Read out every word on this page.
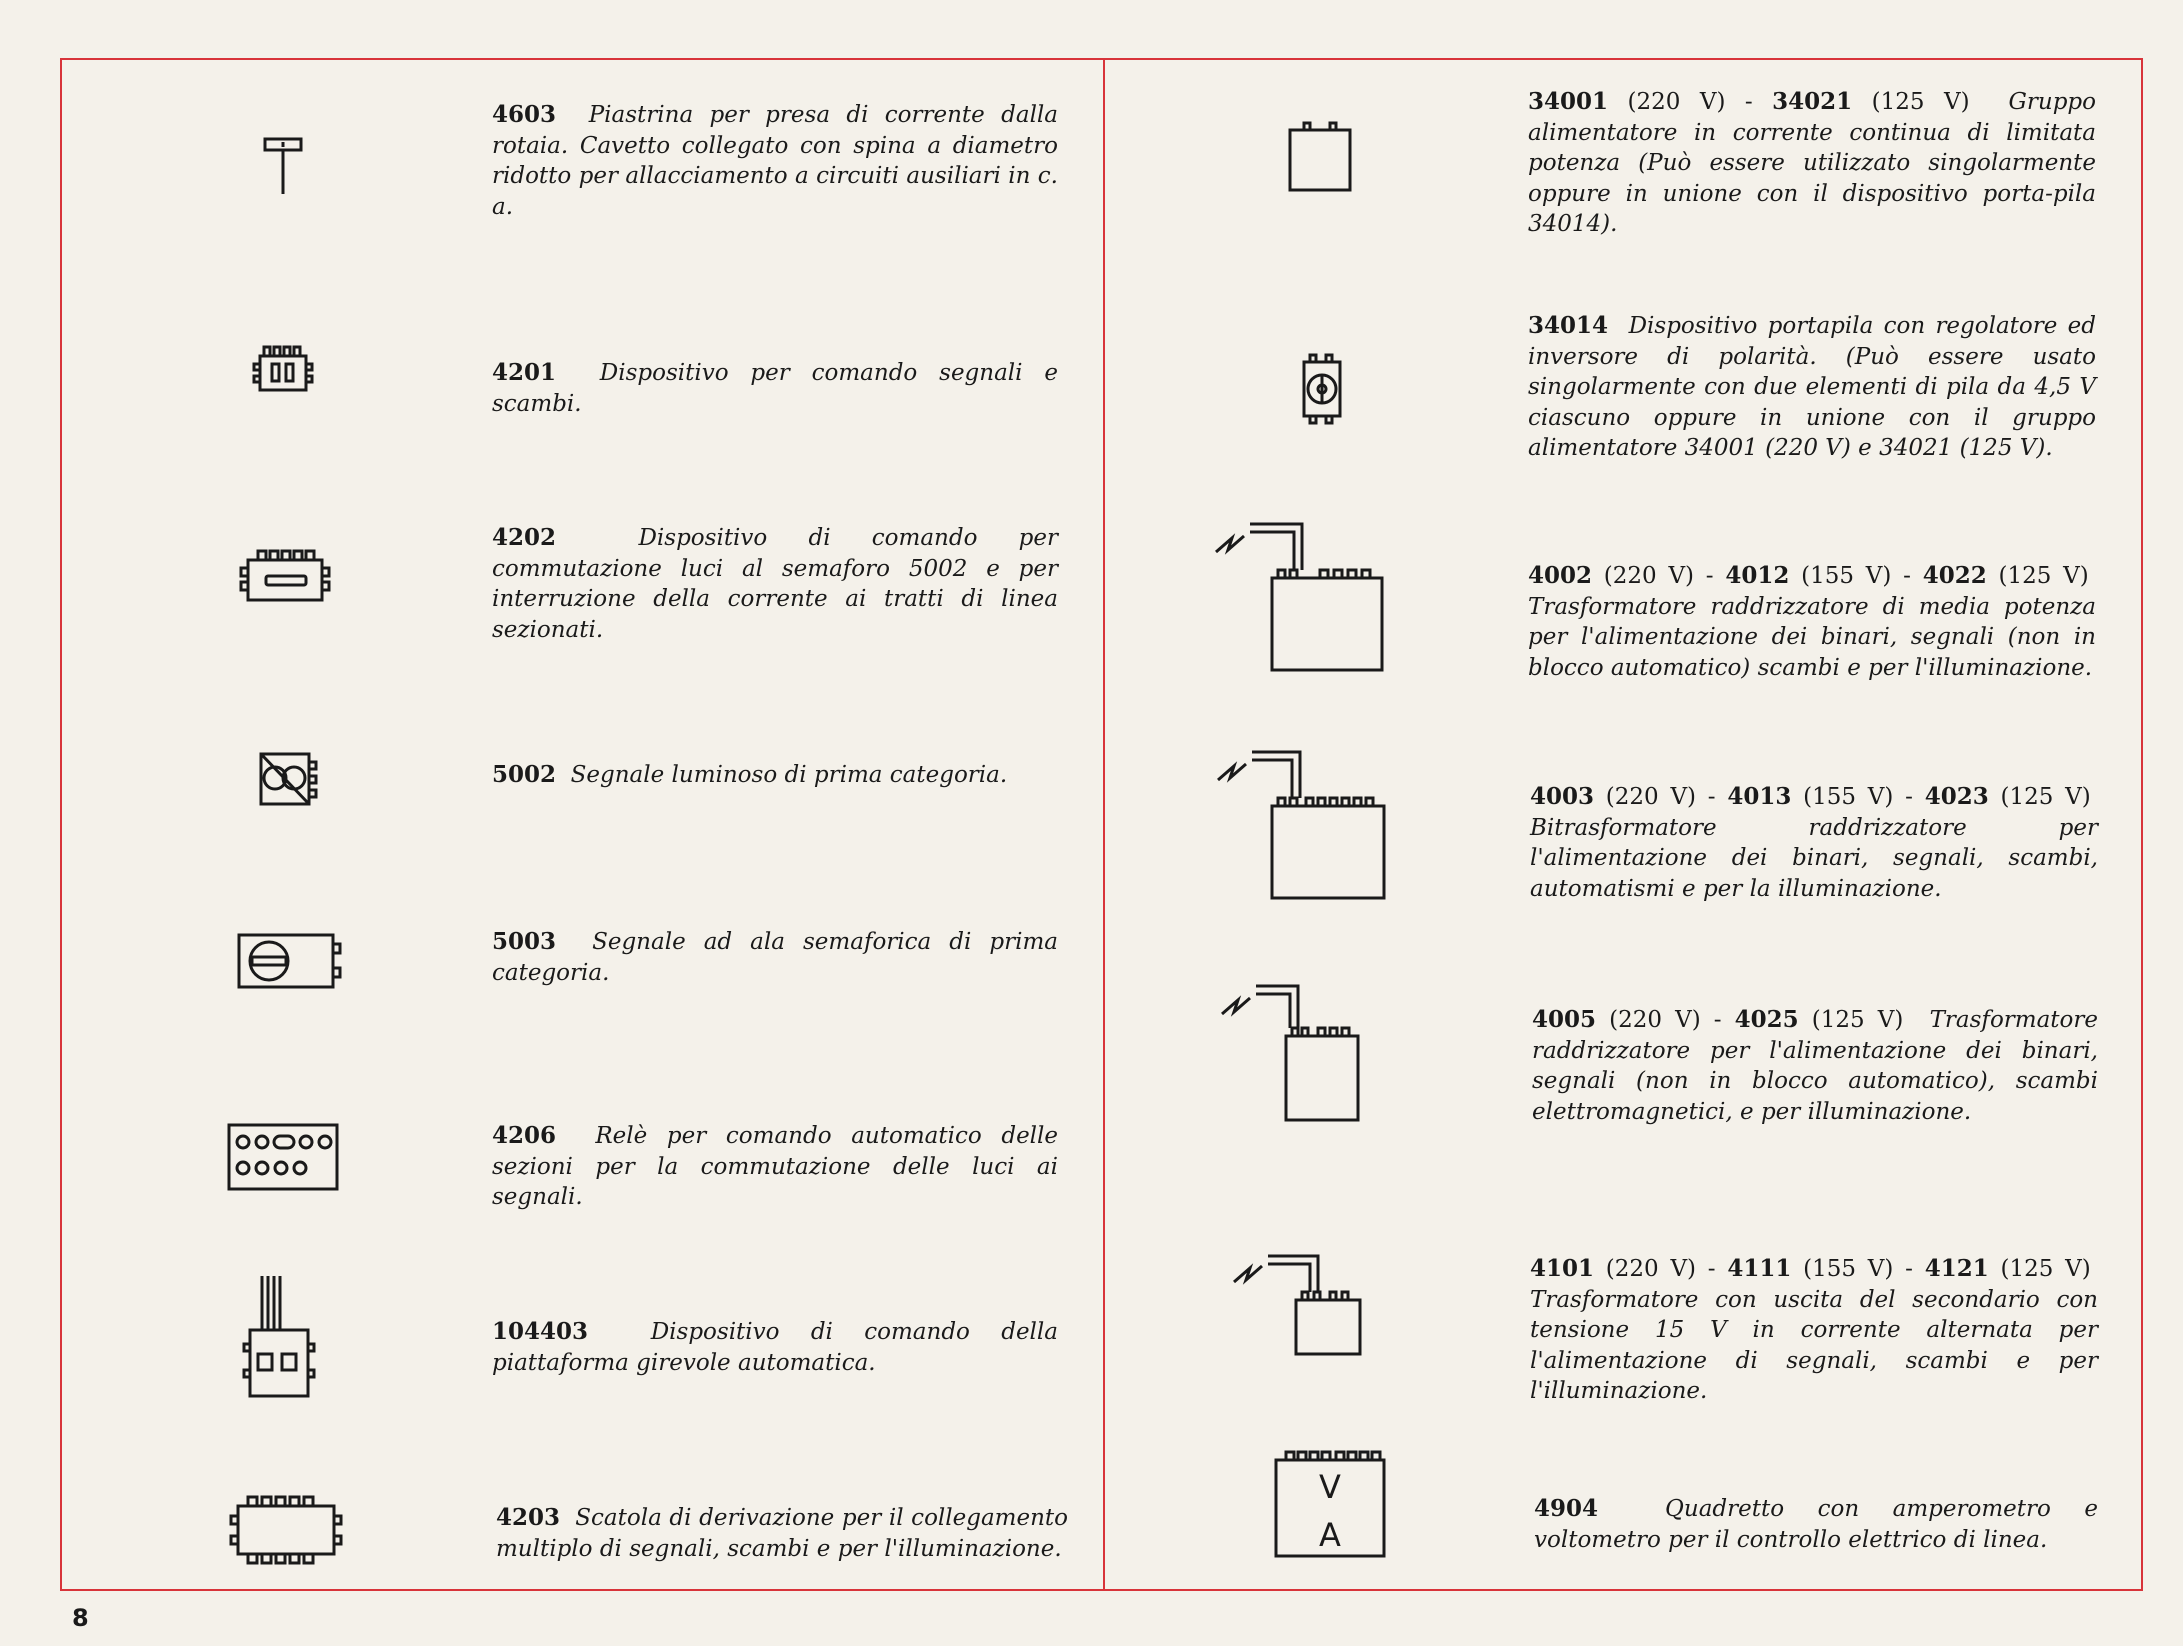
V
A

4603 Piastrina per presa di corrente dalla rotaia. Cavetto collegato con spina a diametro ridotto per allacciamento a circuiti ausiliari in c. a.

4201 Dispositivo per comando segnali e scambi.

4202	Dispositivo di comando per commutazione luci al semaforo 5002 e per interruzione della corrente ai tratti di linea sezionati.

5002 Segnale luminoso di prima categoria.

5003 Segnale ad ala semaforica di prima categoria.

4206 Relè per comando automatico delle sezioni per la commutazione delle luci ai segnali.

104403	Dispositivo di comando della piattaforma girevole automatica.

4203 Scatola di derivazione per il collegamento multiplo di segnali, scambi e per l'illuminazione.

34001 (220 V) - 34021 (125 V) Gruppo alimentatore in corrente continua di limitata potenza (Può essere utilizzato singolarmente oppure in unione con il dispositivo porta-pila 34014).

34014 Dispositivo portapila con regolatore ed inversore di polarità. (Può essere usato singolarmente con due elementi di pila da 4,5 V ciascuno oppure in unione con il gruppo alimentatore 34001 (220 V) e 34021 (125 V).

4002 (220 V) - 4012 (155 V) - 4022 (125 V)  Trasformatore raddrizzatore di media potenza per l'alimentazione dei binari, segnali (non in blocco automatico) scambi e per l'illuminazione.

4003 (220 V) - 4013 (155 V) - 4023 (125 V)  Bitrasformatore raddrizzatore per l'alimentazione dei binari, segnali, scambi, automatismi e per la illuminazione.

4005 (220 V) - 4025 (125 V) Trasformatore raddrizzatore per l'alimentazione dei binari, segnali (non in blocco automatico), scambi elettromagnetici, e per illuminazione.

4101 (220 V) - 4111 (155 V) - 4121 (125 V)  Trasformatore con uscita del secondario con tensione 15 V in corrente alternata per l'alimentazione di segnali, scambi e per l'illuminazione.

4904	Quadretto con amperometro e voltometro per il controllo elettrico di linea.

8
